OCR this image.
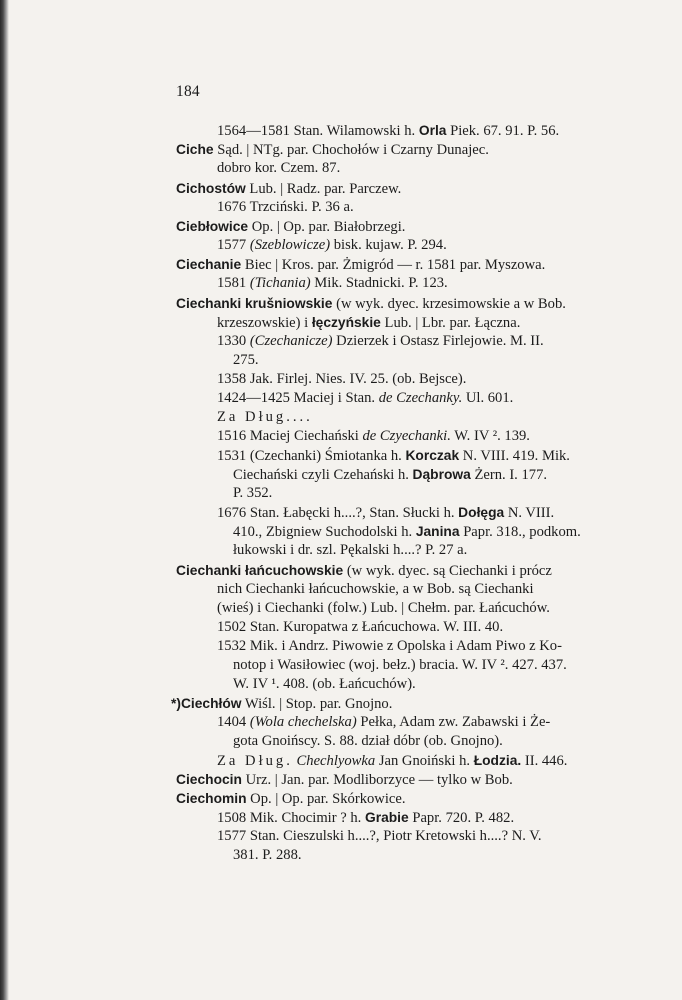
184
1564—1581 Stan. Wilamowski h. Orla Piek. 67. 91. P. 56.
Ciche Sąd. | NTg. par. Chochołów i Czarny Dunajec.
dobro kor. Czem. 87.
Cichostów Lub. | Radz. par. Parczew.
1676 Trzciński. P. 36 a.
Ciebłowice Op. | Op. par. Białobrzegi.
1577 (Szeblowicze) bisk. kujaw. P. 294.
Ciechanie Biec | Kros. par. Żmigród — r. 1581 par. Myszowa.
1581 (Tichania) Mik. Stadnicki. P. 123.
Ciechanki krušniowskie (w wyk. dyec. krzesimowskie a w Bob.
krzeszowskie) i łęczyńskie Lub. | Lbr. par. Łączna.
1330 (Czechanicze) Dzierzek i Ostasz Firlejowie. M. II.
275.
1358 Jak. Firlej. Nies. IV. 25. (ob. Bejsce).
1424—1425 Maciej i Stan. de Czechanky. Ul. 601.
Za Dług....
1516 Maciej Ciechański de Czyechanki. W. IV ². 139.
1531 (Czechanki) Śmiotanka h. Korczak N. VIII. 419. Mik.
Ciechański czyli Czehański h. Dąbrowa Żern. I. 177.
P. 352.
1676 Stan. Łabęcki h....?, Stan. Słucki h. Dołęga N. VIII.
410., Zbigniew Suchodolski h. Janina Papr. 318., podkom.
łukowski i dr. szl. Pękalski h....? P. 27 a.
Ciechanki łańcuchowskie (w wyk. dyec. są Ciechanki i prócz
nich Ciechanki łańcuchowskie, a w Bob. są Ciechanki
(wieś) i Ciechanki (folw.) Lub. | Chełm. par. Łańcuchów.
1502 Stan. Kuropatwa z Łańcuchowa. W. III. 40.
1532 Mik. i Andrz. Piwowie z Opolska i Adam Piwo z Ko-
notop i Wasiłowiec (woj. bełz.) bracia. W. IV ². 427. 437.
W. IV ¹. 408. (ob. Łańcuchów).
*)Ciechłów Wiśl. | Stop. par. Gnojno.
1404 (Wola chechelska) Pełka, Adam zw. Zabawski i Że-
gota Gnoińscy. S. 88. dział dóbr (ob. Gnojno).
Za Dług. Chechlyowka Jan Gnoiński h. Łodzia. II. 446.
Ciechocin Urz. | Jan. par. Modliborzyce — tylko w Bob.
Ciechomin Op. | Op. par. Skórkowice.
1508 Mik. Chocimir ? h. Grabie Papr. 720. P. 482.
1577 Stan. Cieszulski h....?, Piotr Kretowski h....? N. V.
381. P. 288.
